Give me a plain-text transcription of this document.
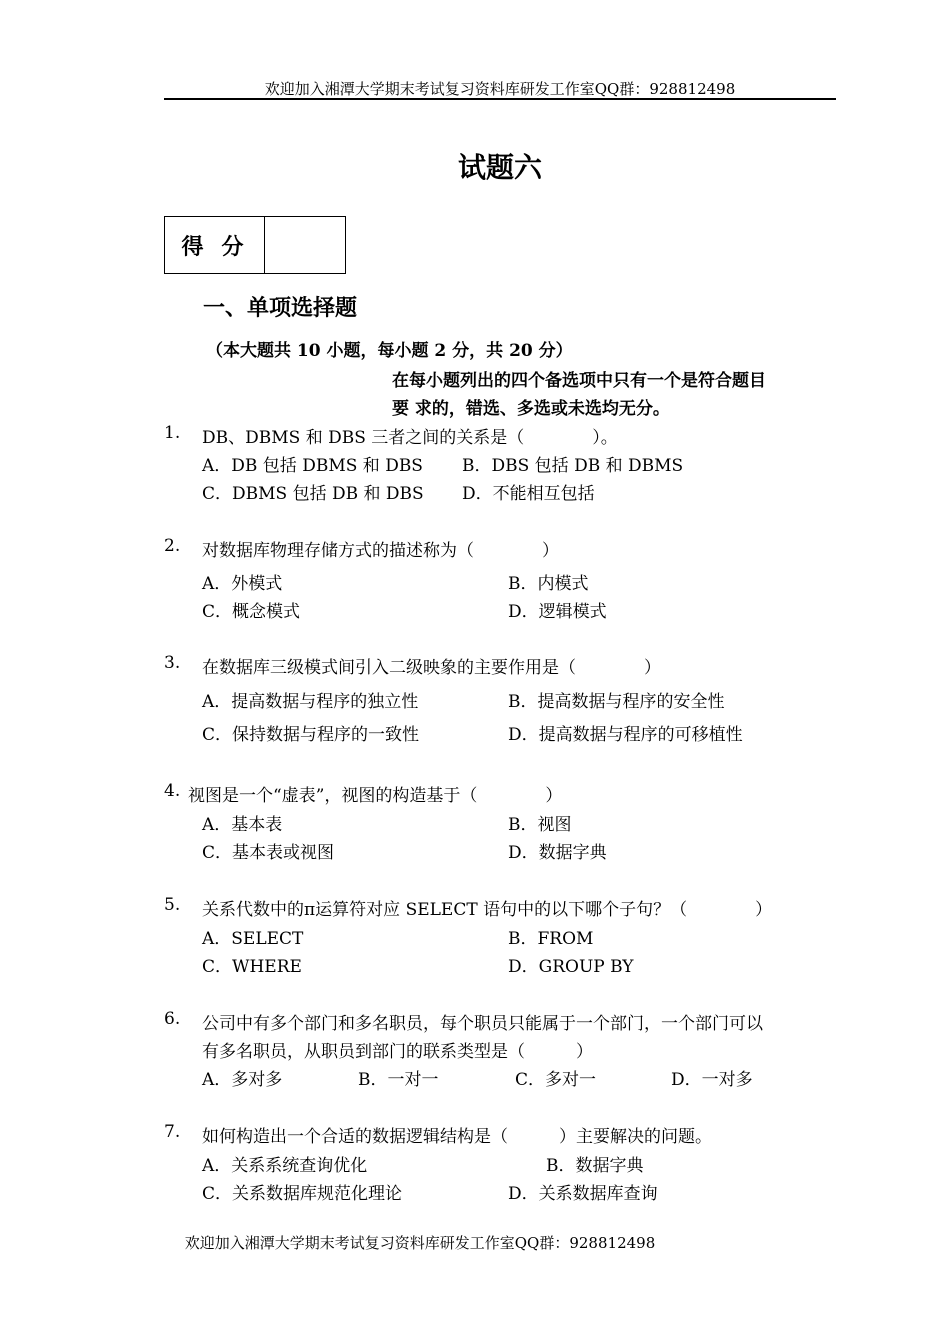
欢迎加入湘潭大学期末考试复习资料库研发工作室QQ群：928812498
试题六
得分
一、单项选择题
（本大题共 10 小题，每小题 2 分，共 20 分）
在每小题列出的四个备选项中只有一个是符合题目
要 求的，错选、多选或未选均无分。
1. DB、DBMS 和 DBS 三者之间的关系是（　　　　）。
A．DB 包括 DBMS 和 DBS B．DBS 包括 DB 和 DBMS
C．DBMS 包括 DB 和 DBS D．不能相互包括
2. 对数据库物理存储方式的描述称为（　　　　）
A．外模式	B．内模式
C．概念模式	D．逻辑模式
3. 在数据库三级模式间引入二级映象的主要作用是（　　　　）
A．提高数据与程序的独立性	B．提高数据与程序的安全性
C．保持数据与程序的一致性	D．提高数据与程序的可移植性
4. 视图是一个“虚表”，视图的构造基于（　　　　）
A．基本表	B．视图
C．基本表或视图	D．数据字典
5. 关系代数中的π运算符对应 SELECT 语句中的以下哪个子句？（　　　　）
A．SELECT	B．FROM
C．WHERE	D．GROUP BY
6. 公司中有多个部门和多名职员，每个职员只能属于一个部门，一个部门可以
有多名职员，从职员到部门的联系类型是（　　　）
A．多对多	B．一对一	C．多对一	D．一对多
7. 如何构造出一个合适的数据逻辑结构是（　　　）主要解决的问题。
A．关系系统查询优化	B．数据字典
C．关系数据库规范化理论	D．关系数据库查询
欢迎加入湘潭大学期末考试复习资料库研发工作室QQ群：928812498
